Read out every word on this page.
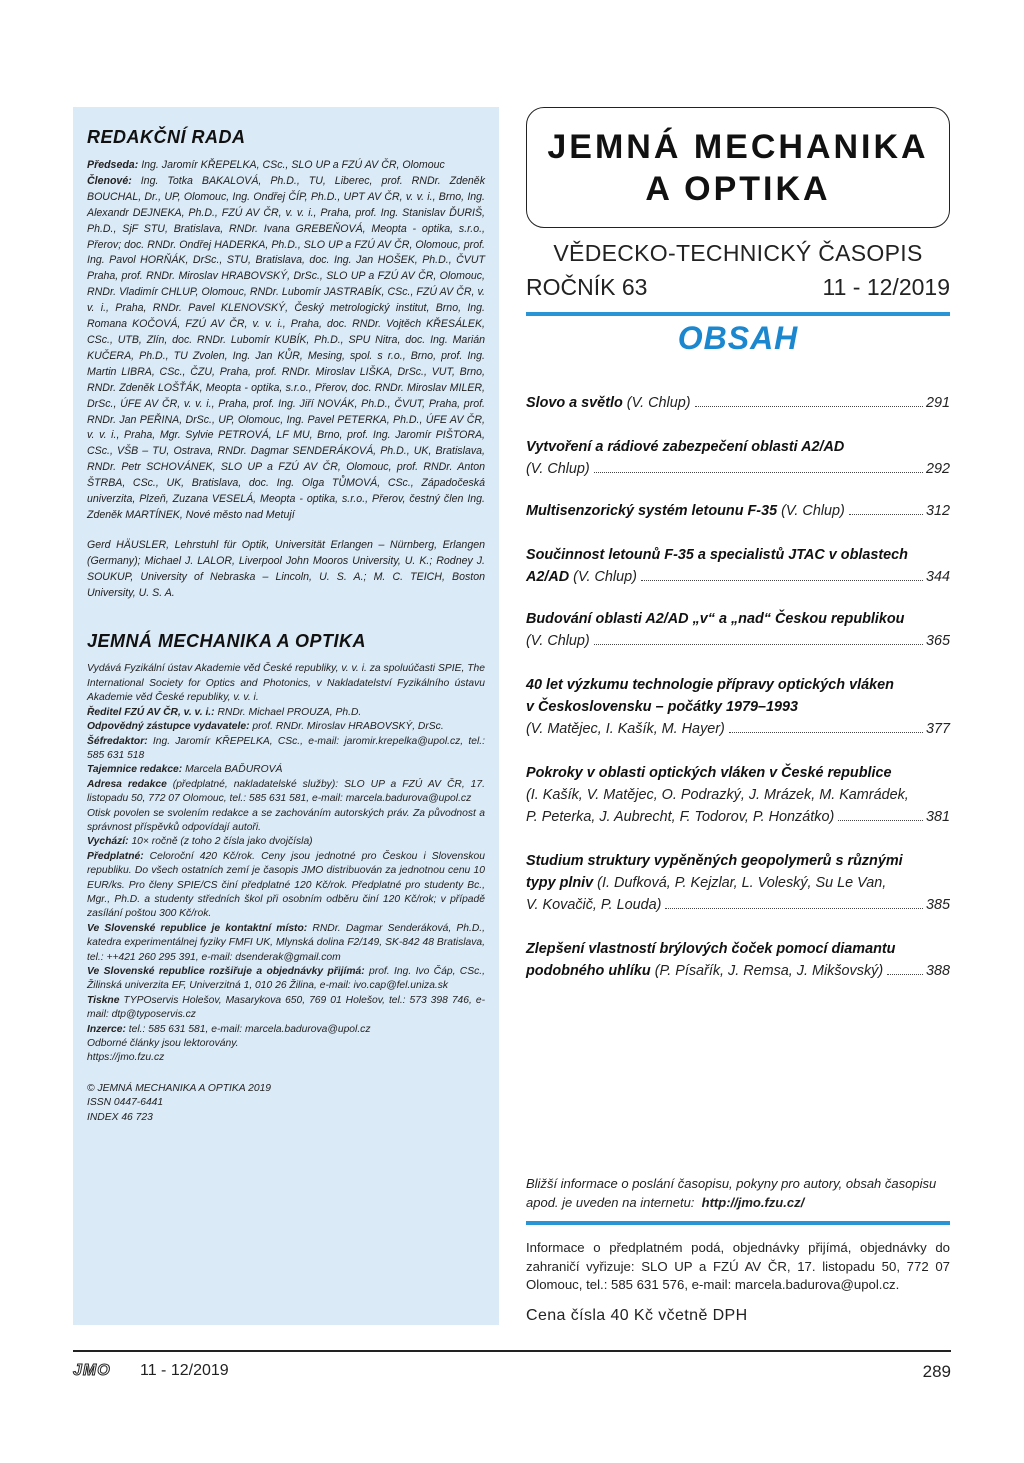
REDAKČNÍ RADA

Předseda: Ing. Jaromír KŘEPELKA, CSc., SLO UP a FZÚ AV ČR, Olomouc
Členové: Ing. Totka BAKALOVÁ, Ph.D., TU, Liberec, prof. RNDr. Zdeněk BOUCHAL, Dr., UP, Olomouc, Ing. Ondřej ČÍP, Ph.D., UPT AV ČR, v. v. i., Brno, Ing. Alexandr DEJNEKA, Ph.D., FZÚ AV ČR, v. v. i., Praha, prof. Ing. Stanislav ĎURIŠ, Ph.D., SjF STU, Bratislava, RNDr. Ivana GREBEŇOVÁ, Meopta - optika, s.r.o., Přerov; doc. RNDr. Ondřej HADERKA, Ph.D., SLO UP a FZÚ AV ČR, Olomouc, prof. Ing. Pavol HORŇÁK, DrSc., STU, Bratislava, doc. Ing. Jan HOŠEK, Ph.D., ČVUT Praha, prof. RNDr. Miroslav HRABOVSKÝ, DrSc., SLO UP a FZÚ AV ČR, Olomouc, RNDr. Vladimír CHLUP, Olomouc, RNDr. Lubomír JASTRABÍK, CSc., FZÚ AV ČR, v. v. i., Praha, RNDr. Pavel KLENOVSKÝ, Český metrologický institut, Brno, Ing. Romana KOČOVÁ, FZÚ AV ČR, v. v. i., Praha, doc. RNDr. Vojtěch KŘESÁLEK, CSc., UTB, Zlín, doc. RNDr. Lubomír KUBÍK, Ph.D., SPU Nitra, doc. Ing. Marián KUČERA, Ph.D., TU Zvolen, Ing. Jan KŮR, Mesing, spol. s r.o., Brno, prof. Ing. Martin LIBRA, CSc., ČZU, Praha, prof. RNDr. Miroslav LIŠKA, DrSc., VUT, Brno, RNDr. Zdeněk LOŠŤÁK, Meopta - optika, s.r.o., Přerov, doc. RNDr. Miroslav MILER, DrSc., ÚFE AV ČR, v. v. i., Praha, prof. Ing. Jiří NOVÁK, Ph.D., ČVUT, Praha, prof. RNDr. Jan PEŘINA, DrSc., UP, Olomouc, Ing. Pavel PETERKA, Ph.D., ÚFE AV ČR, v. v. i., Praha, Mgr. Sylvie PETROVÁ, LF MU, Brno, prof. Ing. Jaromír PIŠTORA, CSc., VŠB – TU, Ostrava, RNDr. Dagmar SENDERÁKOVÁ, Ph.D., UK, Bratislava, RNDr. Petr SCHOVÁNEK, SLO UP a FZÚ AV ČR, Olomouc, prof. RNDr. Anton ŠTRBA, CSc., UK, Bratislava, doc. Ing. Olga TŮMOVÁ, CSc., Západočeská univerzita, Plzeň, Zuzana VESELÁ, Meopta - optika, s.r.o., Přerov, čestný člen Ing. Zdeněk MARTÍNEK, Nové město nad Metují

Gerd HÄUSLER, Lehrstuhl für Optik, Universität Erlangen – Nürnberg, Erlangen (Germany); Michael J. LALOR, Liverpool John Mooros University, U. K.; Rodney J. SOUKUP, University of Nebraska – Lincoln, U. S. A.; M. C. TEICH, Boston University, U. S. A.

JEMNÁ MECHANIKA A OPTIKA

Vydává Fyzikální ústav Akademie věd České republiky, v. v. i. za spoluúčasti SPIE, The International Society for Optics and Photonics, v Nakladatelství Fyzikálního ústavu Akademie věd České republiky, v. v. i.

Ředitel FZÚ AV ČR, v. v. i.: RNDr. Michael PROUZA, Ph.D.

Odpovědný zástupce vydavatele: prof. RNDr. Miroslav HRABOVSKÝ, DrSc.

Šéfredaktor: Ing. Jaromír KŘEPELKA, CSc., e-mail: jaromir.krepelka@upol.cz, tel.: 585 631 518

Tajemnice redakce: Marcela BAĎUROVÁ

Adresa redakce (předplatné, nakladatelské služby): SLO UP a FZÚ AV ČR, 17. listopadu 50, 772 07 Olomouc, tel.: 585 631 581, e-mail: marcela.badurova@upol.cz

Otisk povolen se svolením redakce a se zachováním autorských práv. Za původnost a správnost příspěvků odpovídají autoři.

Vychází: 10× ročně (z toho 2 čísla jako dvojčísla)

Předplatné: Celoroční 420 Kč/rok. Ceny jsou jednotné pro Českou i Slovenskou republiku. Do všech ostatních zemí je časopis JMO distribuován za jednotnou cenu 10 EUR/ks. Pro členy SPIE/CS činí předplatné 120 Kč/rok. Předplatné pro studenty Bc., Mgr., Ph.D. a studenty středních škol při osobním odběru činí 120 Kč/rok; v případě zasílání poštou 300 Kč/rok.

Ve Slovenské republice je kontaktní místo: RNDr. Dagmar Senderáková, Ph.D., katedra experimentálnej fyziky FMFI UK, Mlynská dolina F2/149, SK-842 48 Bratislava, tel.: ++421 260 295 391, e-mail: dsenderak@gmail.com

Ve Slovenské republice rozšiřuje a objednávky přijímá: prof. Ing. Ivo Čáp, CSc., Žilinská univerzita EF, Univerzitná 1, 010 26 Žilina, e-mail: ivo.cap@fel.uniza.sk

Tiskne TYPOservis Holešov, Masarykova 650, 769 01 Holešov, tel.: 573 398 746, e-mail: dtp@typoservis.cz

Inzerce: tel.: 585 631 581, e-mail: marcela.badurova@upol.cz

Odborné články jsou lektorovány.

https://jmo.fzu.cz

© JEMNÁ MECHANIKA A OPTIKA 2019

ISSN 0447-6441

INDEX 46 723

JEMNÁ MECHANIKA
A OPTIKA
VĚDECKO-TECHNICKÝ ČASOPIS
ROČNÍK 63	11 - 12/2019
OBSAH
Slovo a světlo (V. Chlup)	291
Vytvoření a rádiové zabezpečení oblasti A2/AD
(V. Chlup)	292
Multisenzorický systém letounu F-35 (V. Chlup)	312
Součinnost letounů F-35 a specialistů JTAC v oblastech
A2/AD (V. Chlup)	344
Budování oblasti A2/AD „v“ a „nad“ Českou republikou
(V. Chlup)	365
40 let výzkumu technologie přípravy optických vláken
v Československu – počátky 1979–1993
(V. Matějec, I. Kašík, M. Hayer)	377
Pokroky v oblasti optických vláken v České republice
(I. Kašík, V. Matějec, O. Podrazký, J. Mrázek, M. Kamrádek,
P. Peterka, J. Aubrecht, F. Todorov, P. Honzátko)	381
Studium struktury vypěněných geopolymerů s různými
typy plniv (I. Dufková, P. Kejzlar, L. Voleský, Su Le Van,
V. Kovačič, P. Louda)	385
Zlepšení vlastností brýlových čoček pomocí diamantu
podobného uhlíku (P. Písařík, J. Remsa, J. Mikšovský)	388
Bližší informace o poslání časopisu, pokyny pro autory, obsah časopisu apod. je uveden na internetu: http://jmo.fzu.cz/
Informace o předplatném podá, objednávky přijímá, objednávky do zahraničí vyřizuje: SLO UP a FZÚ AV ČR, 17. listopadu 50, 772 07 Olomouc, tel.: 585 631 576, e-mail: marcela.badurova@upol.cz.
Cena čísla 40 Kč včetně DPH
JMO 11 - 12/2019	289
